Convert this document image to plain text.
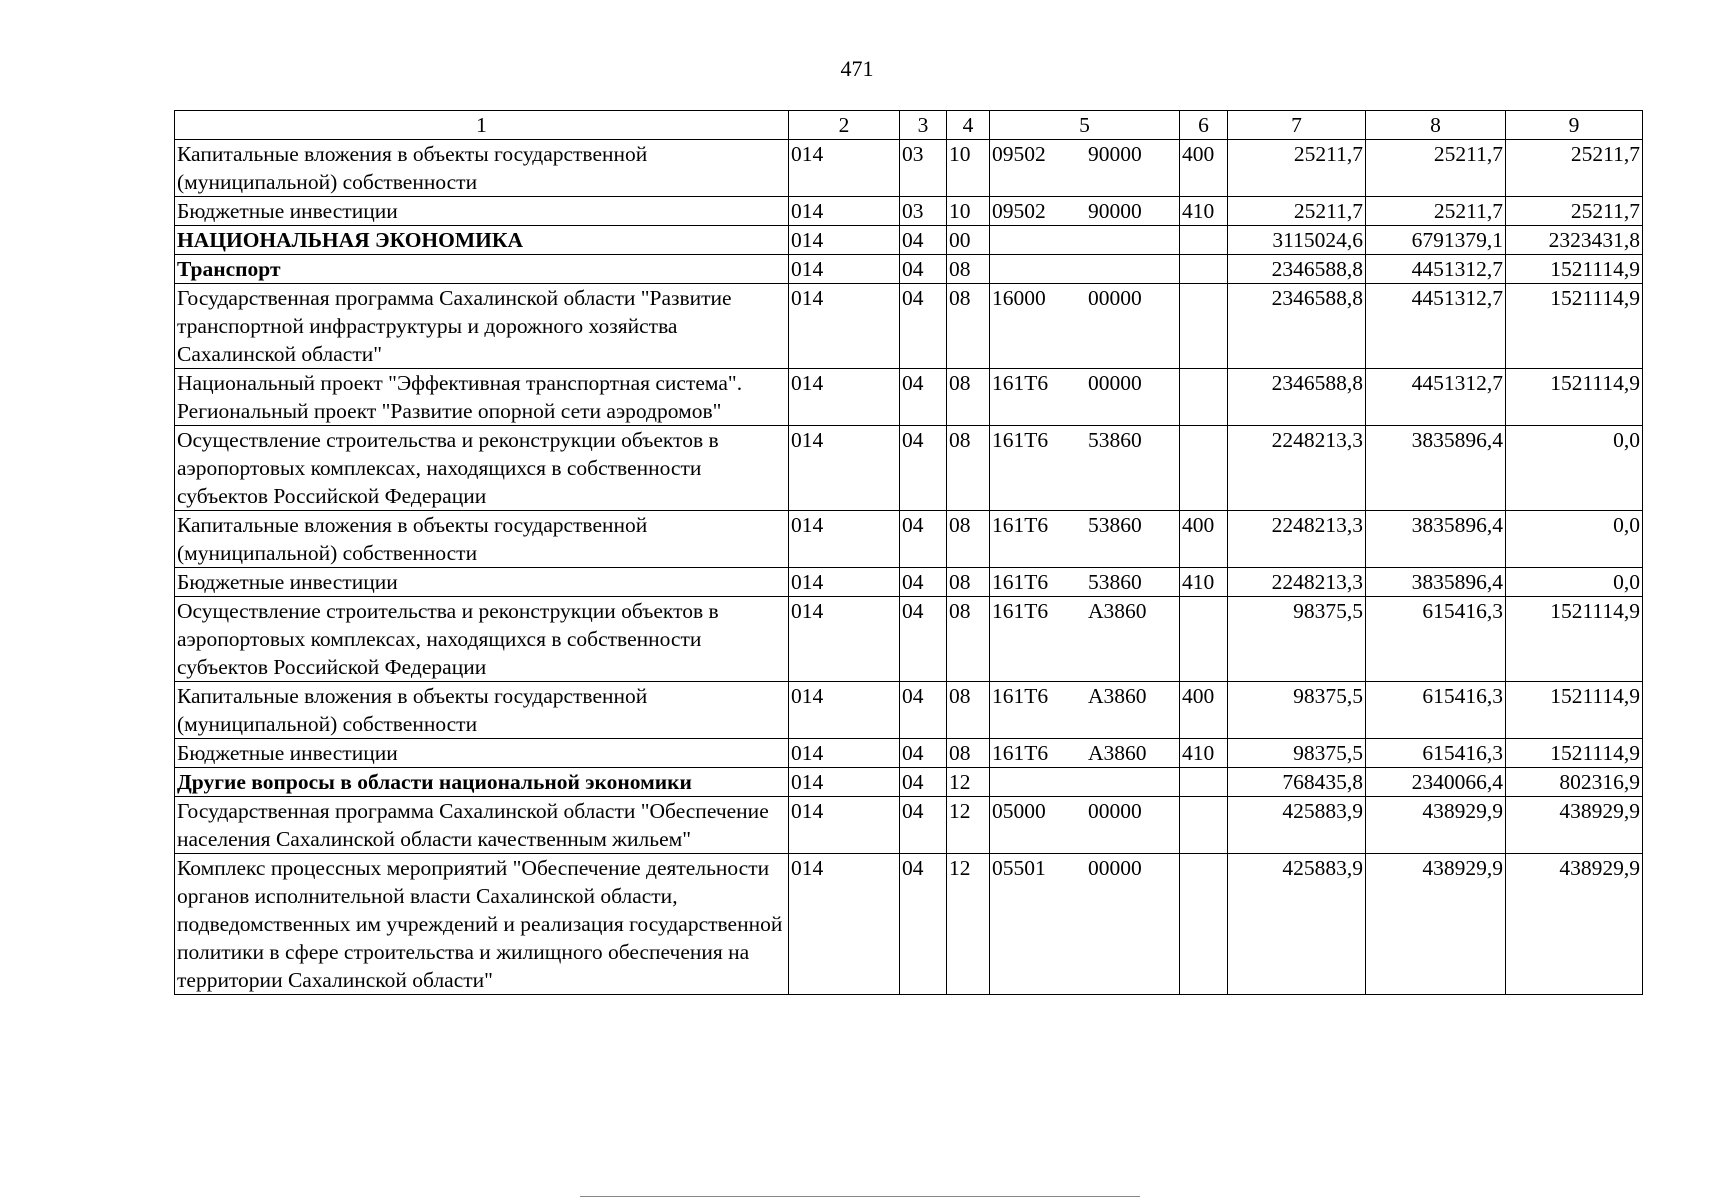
471
1	2	3	4	5	6	7	8	9
Капитальные вложения в объекты государственной (муниципальной) собственности	014	03	10	09502 90000	400	25211,7	25211,7	25211,7
Бюджетные инвестиции	014	03	10	09502 90000	410	25211,7	25211,7	25211,7
НАЦИОНАЛЬНАЯ ЭКОНОМИКА	014	04	00			3115024,6	6791379,1	2323431,8
Транспорт	014	04	08			2346588,8	4451312,7	1521114,9
Государственная программа Сахалинской области "Развитие транспортной инфраструктуры и дорожного хозяйства Сахалинской области"	014	04	08	16000 00000		2346588,8	4451312,7	1521114,9
Национальный проект "Эффективная транспортная система". Региональный проект "Развитие опорной сети аэродромов"	014	04	08	161Т6 00000		2346588,8	4451312,7	1521114,9
Осуществление строительства и реконструкции объектов в аэропортовых комплексах, находящихся в собственности субъектов Российской Федерации	014	04	08	161Т6 53860		2248213,3	3835896,4	0,0
Капитальные вложения в объекты государственной (муниципальной) собственности	014	04	08	161Т6 53860	400	2248213,3	3835896,4	0,0
Бюджетные инвестиции	014	04	08	161Т6 53860	410	2248213,3	3835896,4	0,0
Осуществление строительства и реконструкции объектов в аэропортовых комплексах, находящихся в собственности субъектов Российской Федерации	014	04	08	161Т6 А3860		98375,5	615416,3	1521114,9
Капитальные вложения в объекты государственной (муниципальной) собственности	014	04	08	161Т6 А3860	400	98375,5	615416,3	1521114,9
Бюджетные инвестиции	014	04	08	161Т6 А3860	410	98375,5	615416,3	1521114,9
Другие вопросы в области национальной экономики	014	04	12			768435,8	2340066,4	802316,9
Государственная программа Сахалинской области "Обеспечение населения Сахалинской области качественным жильем"	014	04	12	05000 00000		425883,9	438929,9	438929,9
Комплекс процессных мероприятий "Обеспечение деятельности органов исполнительной власти Сахалинской области, подведомственных им учреждений и реализация государственной политики в сфере строительства и жилищного обеспечения на территории Сахалинской области"	014	04	12	05501 00000		425883,9	438929,9	438929,9
